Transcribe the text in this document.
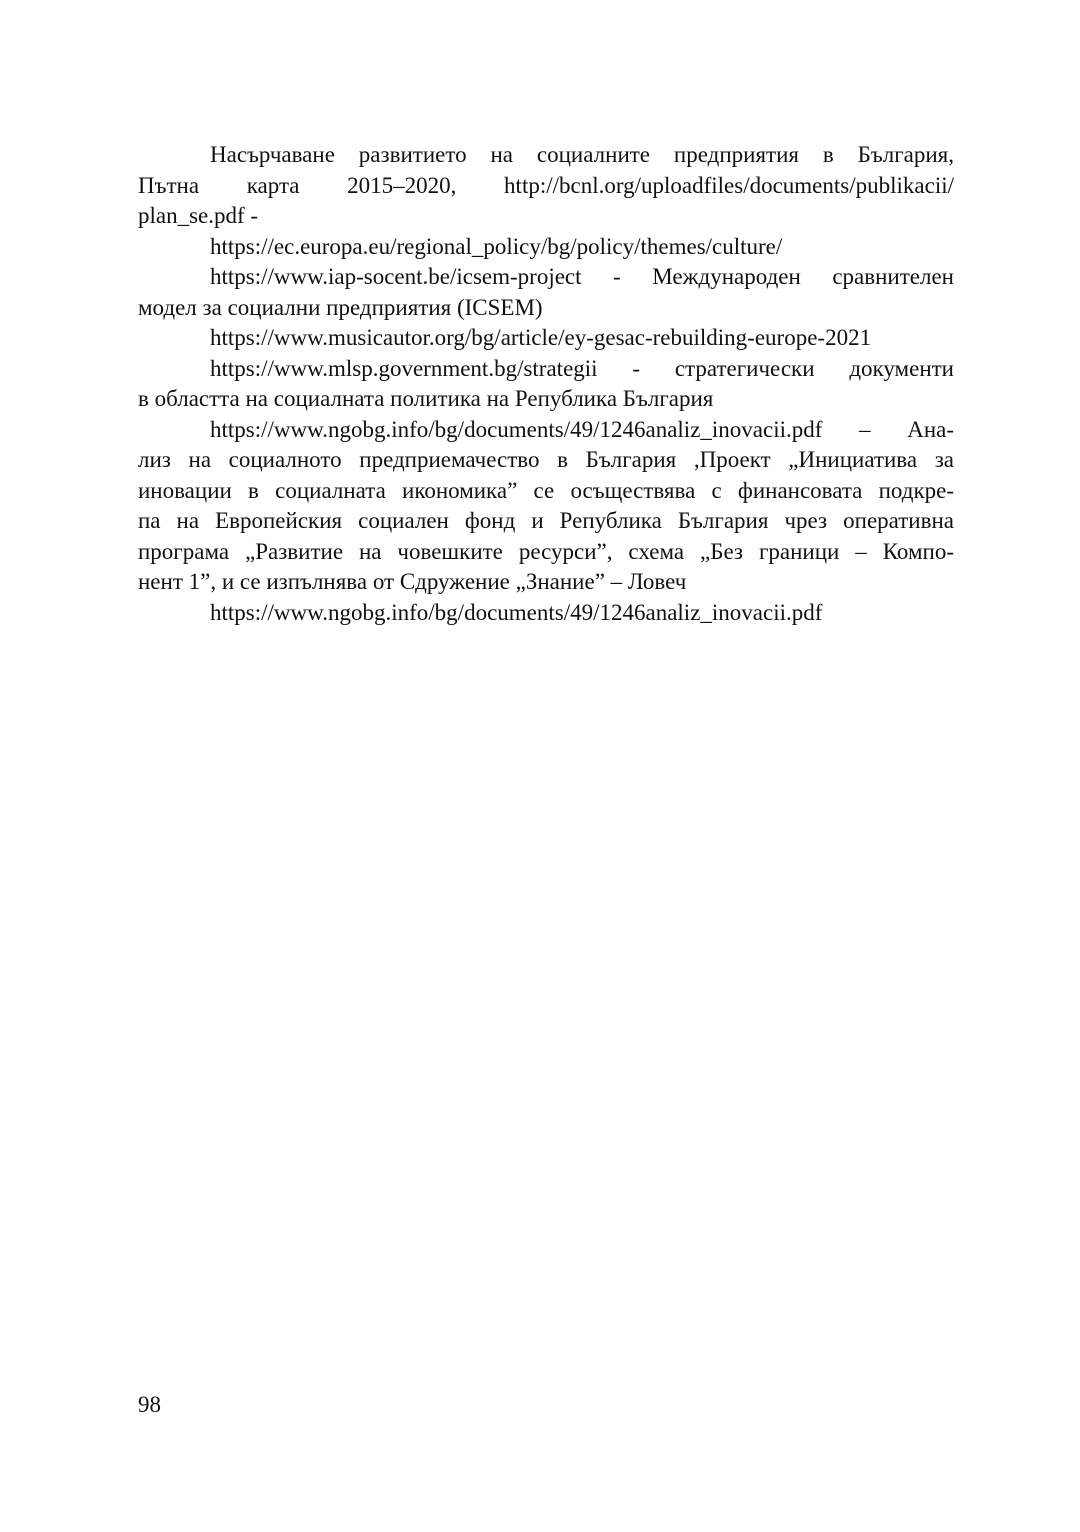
Насърчаване развитието на социалните предприятия в България,
Пътна карта 2015–2020, http://bcnl.org/uploadfiles/documents/publikacii/
plan_se.pdf -
https://ec.europa.eu/regional_policy/bg/policy/themes/culture/
https://www.iap-socent.be/icsem-project - Международен сравнителен
модел за социални предприятия (ICSEM)
https://www.musicautor.org/bg/article/ey-gesac-rebuilding-europe-2021
https://www.mlsp.government.bg/strategii - стратегически документи
в областта на социалната политика на Република България
https://www.ngobg.info/bg/documents/49/1246analiz_inovacii.pdf – Ана-
лиз на социалното предприемачество в България ,Проект „Инициатива за
иновации в социалната икономика” се осъществява с финансовата подкре-
па на Европейския социален фонд и Република България чрез оперативна
програма „Развитие на човешките ресурси”, схема „Без граници – Компо-
нент 1”, и се изпълнява от Сдружение „Знание” – Ловеч
https://www.ngobg.info/bg/documents/49/1246analiz_inovacii.pdf
98
